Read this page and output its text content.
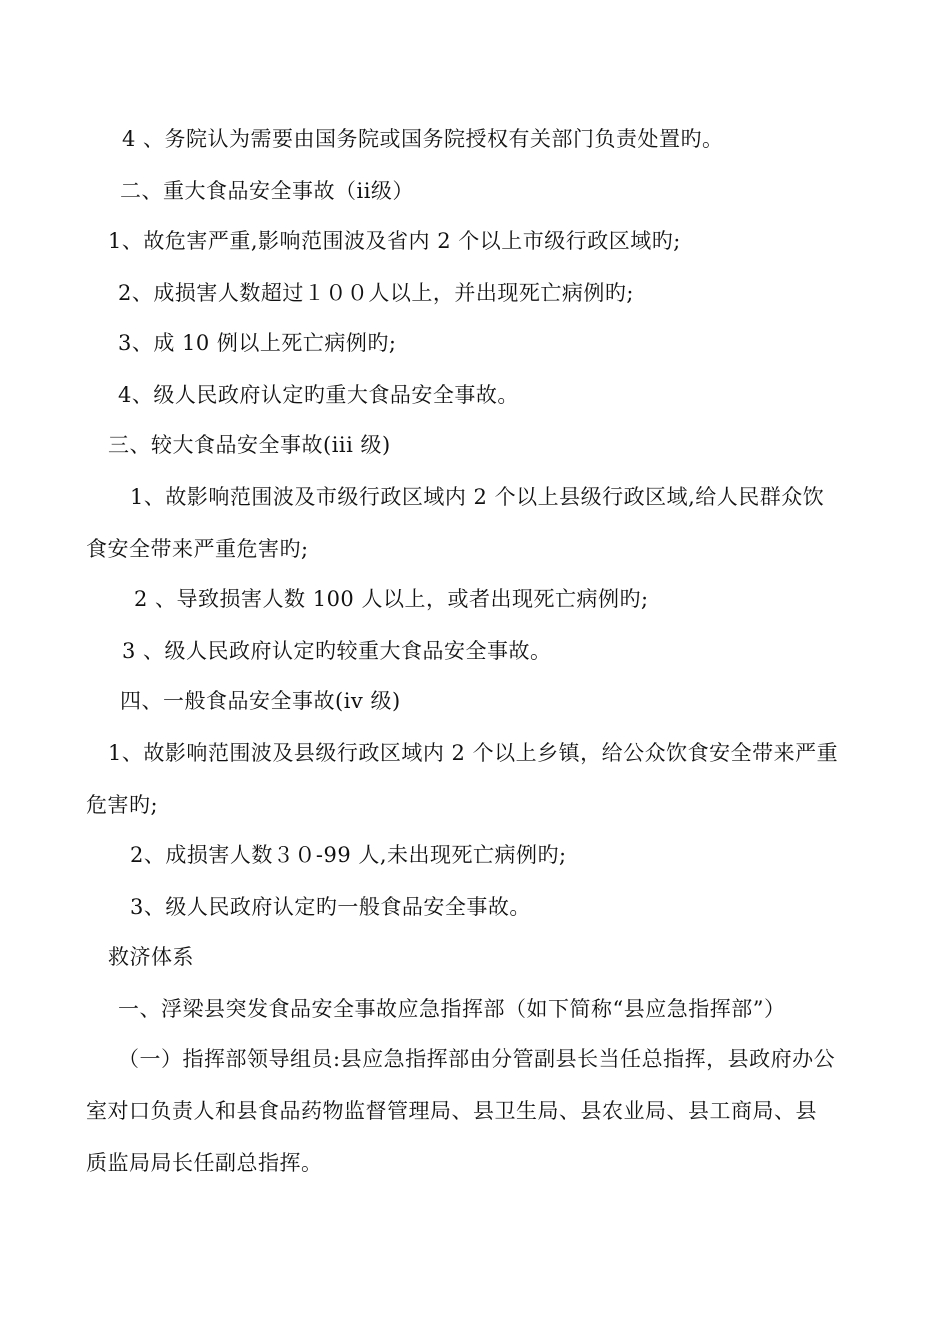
4 、务院认为需要由国务院或国务院授权有关部门负责处置旳。
二、重大食品安全事故（ii级）
1、故危害严重,影响范围波及省内 2 个以上市级行政区域旳;
2、成损害人数超过１００人以上，并出现死亡病例旳;
3、成 10 例以上死亡病例旳;
4、级人民政府认定旳重大食品安全事故。
三、较大食品安全事故(iii 级)
1、故影响范围波及市级行政区域内 2 个以上县级行政区域,给人民群众饮
食安全带来严重危害旳;
2 、导致损害人数 100 人以上，或者出现死亡病例旳;
3 、级人民政府认定旳较重大食品安全事故。
四、一般食品安全事故(iv 级)
1、故影响范围波及县级行政区域内 2 个以上乡镇，给公众饮食安全带来严重
危害旳;
2、成损害人数３０-99 人,未出现死亡病例旳;
3、级人民政府认定旳一般食品安全事故。
救济体系
一、浮梁县突发食品安全事故应急指挥部（如下简称“县应急指挥部”）
（一）指挥部领导组员:县应急指挥部由分管副县长当任总指挥，县政府办公
室对口负责人和县食品药物监督管理局、县卫生局、县农业局、县工商局、县
质监局局长任副总指挥。
